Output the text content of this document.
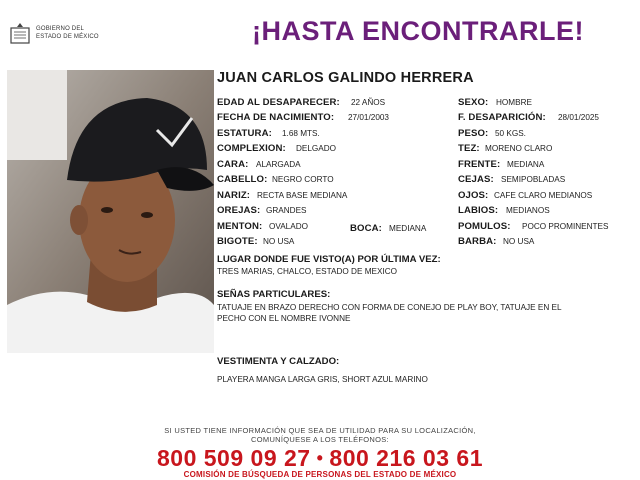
GOBIERNO DEL
ESTADO DE MÉXICO	¡HASTA ENCONTRARLE!
JUAN CARLOS GALINDO HERRERA
EDAD AL DESAPARECER: 22 AÑOS
FECHA DE NACIMIENTO: 27/01/2003
ESTATURA: 1.68 MTS.
COMPLEXION: DELGADO
CARA: ALARGADA
CABELLO: NEGRO CORTO
NARIZ: RECTA BASE MEDIANA
OREJAS: GRANDES
MENTON: OVALADO	BOCA: MEDIANA
BIGOTE: NO USA
SEXO: HOMBRE
F. DESAPARICIÓN: 28/01/2025
PESO: 50 KGS.
TEZ: MORENO CLARO
FRENTE: MEDIANA
CEJAS: SEMIPOBLADAS
OJOS: CAFE CLARO MEDIANOS
LABIOS: MEDIANOS
POMULOS: POCO PROMINENTES
BARBA: NO USA
LUGAR DONDE FUE VISTO(A) POR ÚLTIMA VEZ:
TRES MARIAS, CHALCO, ESTADO DE MEXICO
SEÑAS PARTICULARES:
TATUAJE EN BRAZO DERECHO CON FORMA DE CONEJO DE PLAY BOY, TATUAJE EN EL
PECHO CON EL NOMBRE IVONNE
VESTIMENTA Y CALZADO:
PLAYERA MANGA LARGA GRIS, SHORT AZUL MARINO
SI USTED TIENE INFORMACIÓN QUE SEA DE UTILIDAD PARA SU LOCALIZACIÓN,
COMUNÍQUESE A LOS TELÉFONOS:
800 509 09 27 • 800 216 03 61
COMISIÓN DE BÚSQUEDA DE PERSONAS DEL ESTADO DE MÉXICO
